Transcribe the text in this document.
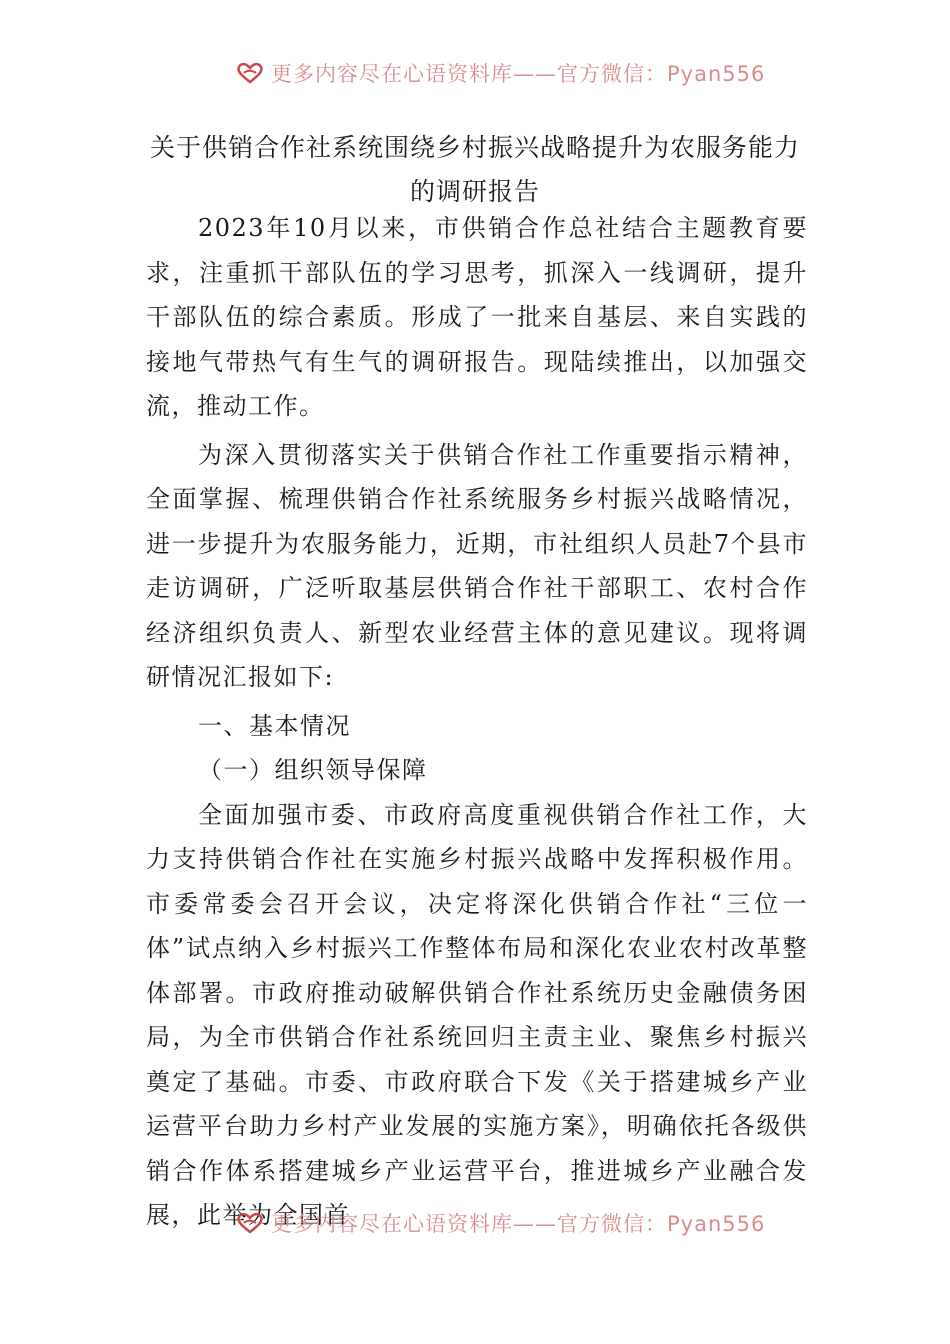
更多内容尽在心语资料库——官方微信：Pyan556
关于供销合作社系统围绕乡村振兴战略提升为农服务能力
的调研报告

2023年10月以来，市供销合作总社结合主题教育要求，注重抓干部队伍的学习思考，抓深入一线调研，提升干部队伍的综合素质。形成了一批来自基层、来自实践的接地气带热气有生气的调研报告。现陆续推出，以加强交流，推动工作。

为深入贯彻落实关于供销合作社工作重要指示精神，全面掌握、梳理供销合作社系统服务乡村振兴战略情况，进一步提升为农服务能力，近期，市社组织人员赴7个县市走访调研，广泛听取基层供销合作社干部职工、农村合作经济组织负责人、新型农业经营主体的意见建议。现将调研情况汇报如下:

一、基本情况

（一）组织领导保障

全面加强市委、市政府高度重视供销合作社工作，大力支持供销合作社在实施乡村振兴战略中发挥积极作用。市委常委会召开会议，决定将深化供销合作社“三位一体”试点纳入乡村振兴工作整体布局和深化农业农村改革整体部署。市政府推动破解供销合作社系统历史金融债务困局，为全市供销合作社系统回归主责主业、聚焦乡村振兴奠定了基础。市委、市政府联合下发《关于搭建城乡产业运营平台助力乡村产业发展的实施方案》，明确依托各级供销合作体系搭建城乡产业运营平台，推进城乡产业融合发展，此举为全国首

更多内容尽在心语资料库——官方微信：Pyan556
